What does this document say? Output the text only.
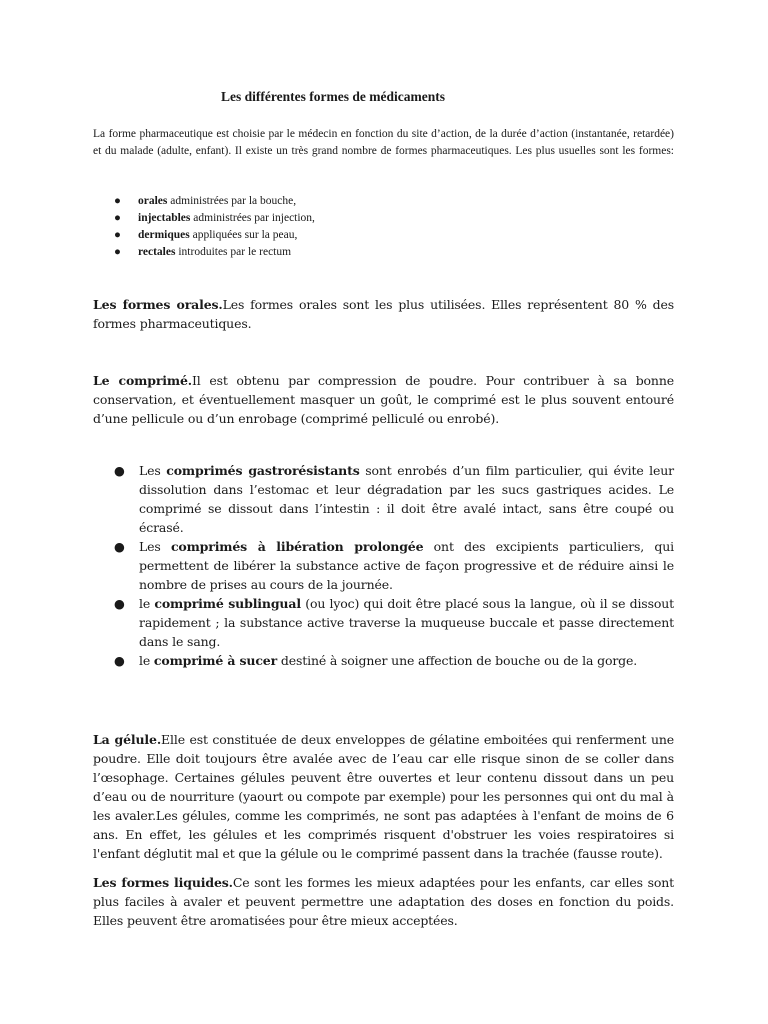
Les différentes formes de médicaments
La forme pharmaceutique est choisie par le médecin en fonction du site d’action, de la durée d’action (instantanée, retardée) et du malade (adulte, enfant). Il existe un très grand nombre de formes pharmaceutiques. Les plus usuelles sont les formes:
● orales administrées par la bouche,
● injectables administrées par injection,
● dermiques appliquées sur la peau,
● rectales introduites par le rectum
Les formes orales.Les formes orales sont les plus utilisées. Elles représentent 80 % des formes pharmaceutiques.
Le comprimé.Il est obtenu par compression de poudre. Pour contribuer à sa bonne conservation, et éventuellement masquer un goût, le comprimé est le plus souvent entouré d’une pellicule ou d’un enrobage (comprimé pelliculé ou enrobé).
● Les comprimés gastrorésistants sont enrobés d’un film particulier, qui évite leur dissolution dans l’estomac et leur dégradation par les sucs gastriques acides. Le comprimé se dissout dans l’intestin : il doit être avalé intact, sans être coupé ou écrasé.
● Les comprimés à libération prolongée ont des excipients particuliers, qui permettent de libérer la substance active de façon progressive et de réduire ainsi le nombre de prises au cours de la journée.
● le comprimé sublingual (ou lyoc) qui doit être placé sous la langue, où il se dissout rapidement ; la substance active traverse la muqueuse buccale et passe directement dans le sang.
● le comprimé à sucer destiné à soigner une affection de bouche ou de la gorge.
La gélule.Elle est constituée de deux enveloppes de gélatine emboitées qui renferment une poudre. Elle doit toujours être avalée avec de l’eau car elle risque sinon de se coller dans l’œsophage. Certaines gélules peuvent être ouvertes et leur contenu dissout dans un peu d’eau ou de nourriture (yaourt ou compote par exemple) pour les personnes qui ont du mal à les avaler.Les gélules, comme les comprimés, ne sont pas adaptées à l'enfant de moins de 6 ans. En effet, les gélules et les comprimés risquent d'obstruer les voies respiratoires si l'enfant déglutit mal et que la gélule ou le comprimé passent dans la trachée (fausse route).
Les formes liquides.Ce sont les formes les mieux adaptées pour les enfants, car elles sont plus faciles à avaler et peuvent permettre une adaptation des doses en fonction du poids. Elles peuvent être aromatisées pour être mieux acceptées.
